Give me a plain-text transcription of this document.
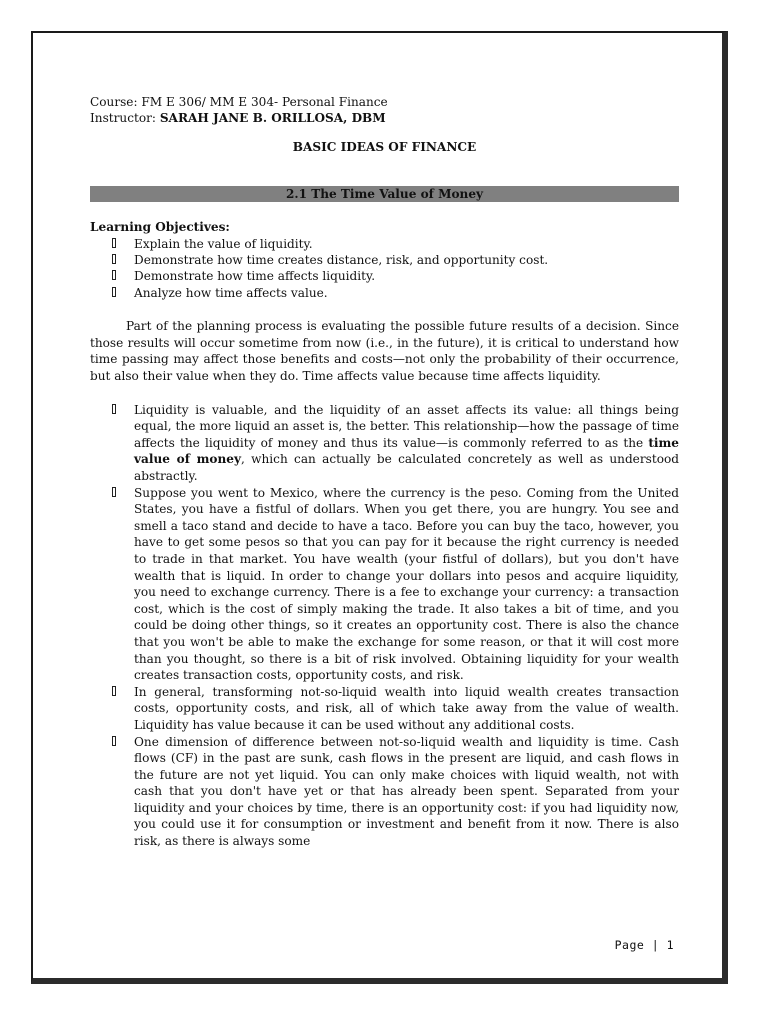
Course: FM E 306/ MM E 304- Personal Finance
Instructor: SARAH JANE B. ORILLOSA, DBM
BASIC IDEAS OF FINANCE
2.1 The Time Value of Money
Learning Objectives:
Explain the value of liquidity.
Demonstrate how time creates distance, risk, and opportunity cost.
Demonstrate how time affects liquidity.
Analyze how time affects value.
Part of the planning process is evaluating the possible future results of a decision. Since those results will occur sometime from now (i.e., in the future), it is critical to understand how time passing may affect those benefits and costs—not only the probability of their occurrence, but also their value when they do. Time affects value because time affects liquidity.
Liquidity is valuable, and the liquidity of an asset affects its value: all things being equal, the more liquid an asset is, the better. This relationship—how the passage of time affects the liquidity of money and thus its value—is commonly referred to as the time value of money, which can actually be calculated concretely as well as understood abstractly.
Suppose you went to Mexico, where the currency is the peso. Coming from the United States, you have a fistful of dollars. When you get there, you are hungry. You see and smell a taco stand and decide to have a taco. Before you can buy the taco, however, you have to get some pesos so that you can pay for it because the right currency is needed to trade in that market. You have wealth (your fistful of dollars), but you don't have wealth that is liquid. In order to change your dollars into pesos and acquire liquidity, you need to exchange currency. There is a fee to exchange your currency: a transaction cost, which is the cost of simply making the trade. It also takes a bit of time, and you could be doing other things, so it creates an opportunity cost. There is also the chance that you won't be able to make the exchange for some reason, or that it will cost more than you thought, so there is a bit of risk involved. Obtaining liquidity for your wealth creates transaction costs, opportunity costs, and risk.
In general, transforming not-so-liquid wealth into liquid wealth creates transaction costs, opportunity costs, and risk, all of which take away from the value of wealth. Liquidity has value because it can be used without any additional costs.
One dimension of difference between not-so-liquid wealth and liquidity is time. Cash flows (CF) in the past are sunk, cash flows in the present are liquid, and cash flows in the future are not yet liquid. You can only make choices with liquid wealth, not with cash that you don't have yet or that has already been spent. Separated from your liquidity and your choices by time, there is an opportunity cost: if you had liquidity now, you could use it for consumption or investment and benefit from it now. There is also risk, as there is always some
Page | 1
